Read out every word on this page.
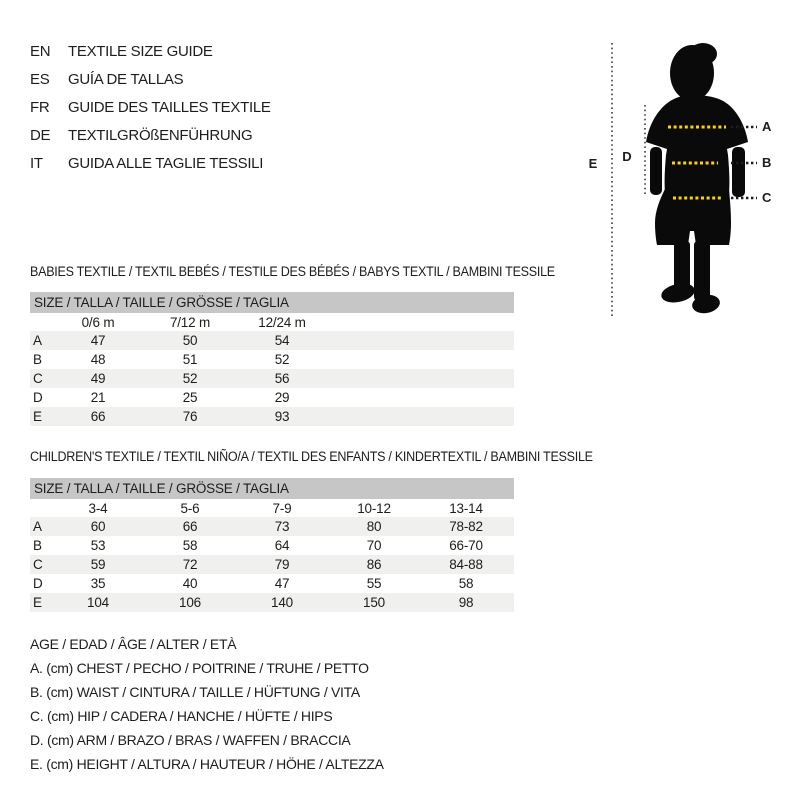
EN	TEXTILE SIZE GUIDE
ES	GUÍA DE TALLAS
FR	GUIDE DES TAILLES TEXTILE
DE	TEXTILGRÖßENFÜHRUNG
IT	GUIDA ALLE TAGLIE TESSILI
A
B
C
D
E
BABIES TEXTILE / TEXTIL BEBÉS / TESTILE DES BÉBÉS / BABYS TEXTIL / BAMBINI TESSILE
SIZE / TALLA / TAILLE / GRÖSSE / TAGLIA				
	0/6 m	7/12 m	12/24 m	
A	47	50	54	
B	48	51	52	
C	49	52	56	
D	21	25	29	
E	66	76	93	
CHILDREN'S TEXTILE / TEXTIL NIÑO/A / TEXTIL DES ENFANTS / KINDERTEXTIL / BAMBINI TESSILE
SIZE / TALLA / TAILLE / GRÖSSE / TAGLIA						
	3-4	5-6	7-9	10-12	13-14	
A	60	66	73	80	78-82	
B	53	58	64	70	66-70	
C	59	72	79	86	84-88	
D	35	40	47	55	58	
E	104	106	140	150	98	
AGE / EDAD / ÂGE / ALTER / ETÀ
A. (cm) CHEST / PECHO / POITRINE / TRUHE / PETTO
B. (cm) WAIST / CINTURA / TAILLE / HÜFTUNG / VITA
C. (cm) HIP / CADERA / HANCHE / HÜFTE / HIPS
D. (cm) ARM / BRAZO / BRAS / WAFFEN / BRACCIA
E. (cm) HEIGHT / ALTURA / HAUTEUR / HÖHE / ALTEZZA
